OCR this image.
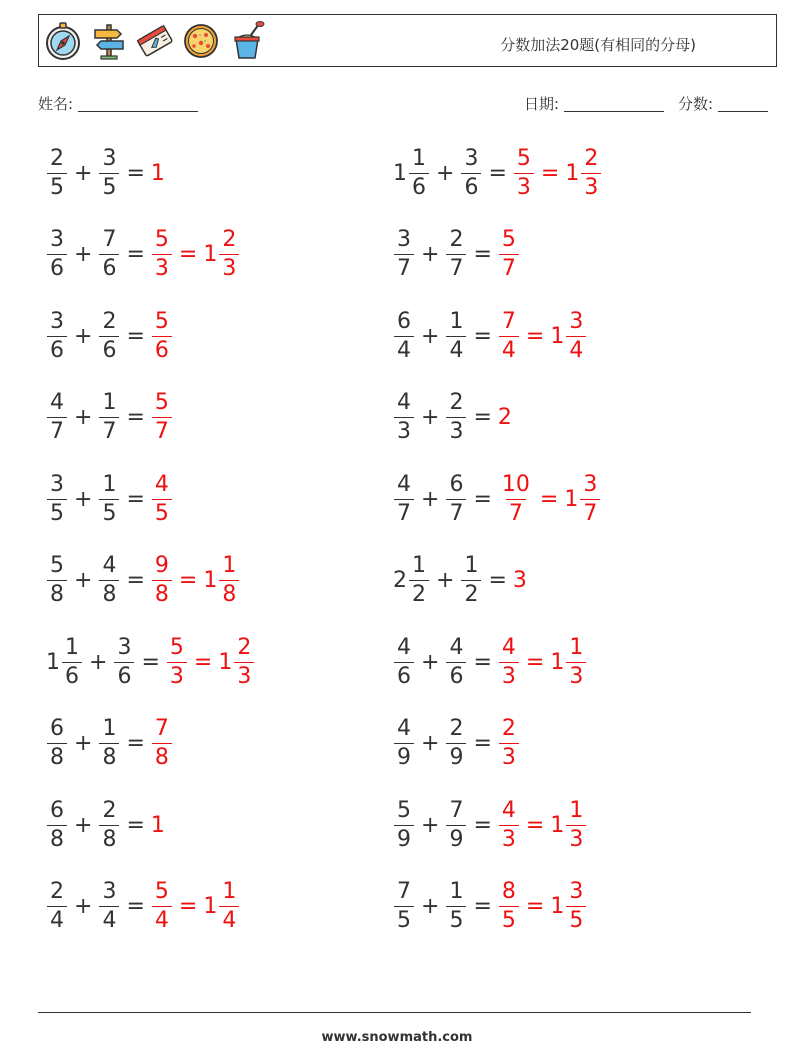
分数加法20题(有相同的分母)
姓名:	日期:	分数:
$\frac{2}{5} + \frac{3}{5} = 1$
$\frac{3}{6} + \frac{7}{6} = \frac{5}{3} = 1 \frac{2}{3}$
$\frac{3}{6} + \frac{2}{6} = \frac{5}{6}$
$\frac{4}{7} + \frac{1}{7} = \frac{5}{7}$
$\frac{3}{5} + \frac{1}{5} = \frac{4}{5}$
$\frac{5}{8} + \frac{4}{8} = \frac{9}{8} = 1 \frac{1}{8}$
$1 \frac{1}{6} + \frac{3}{6} = \frac{5}{3} = 1 \frac{2}{3}$
$\frac{6}{8} + \frac{1}{8} = \frac{7}{8}$
$\frac{6}{8} + \frac{2}{8} = 1$
$\frac{2}{4} + \frac{3}{4} = \frac{5}{4} = 1 \frac{1}{4}$
$1 \frac{1}{6} + \frac{3}{6} = \frac{5}{3} = 1 \frac{2}{3}$
$\frac{3}{7} + \frac{2}{7} = \frac{5}{7}$
$\frac{6}{4} + \frac{1}{4} = \frac{7}{4} = 1 \frac{3}{4}$
$\frac{4}{3} + \frac{2}{3} = 2$
$\frac{4}{7} + \frac{6}{7} = \frac{10}{7} = 1 \frac{3}{7}$
$2 \frac{1}{2} + \frac{1}{2} = 3$
$\frac{4}{6} + \frac{4}{6} = \frac{4}{3} = 1 \frac{1}{3}$
$\frac{4}{9} + \frac{2}{9} = \frac{2}{3}$
$\frac{5}{9} + \frac{7}{9} = \frac{4}{3} = 1 \frac{1}{3}$
$\frac{7}{5} + \frac{1}{5} = \frac{8}{5} = 1 \frac{3}{5}$
www.snowmath.com
